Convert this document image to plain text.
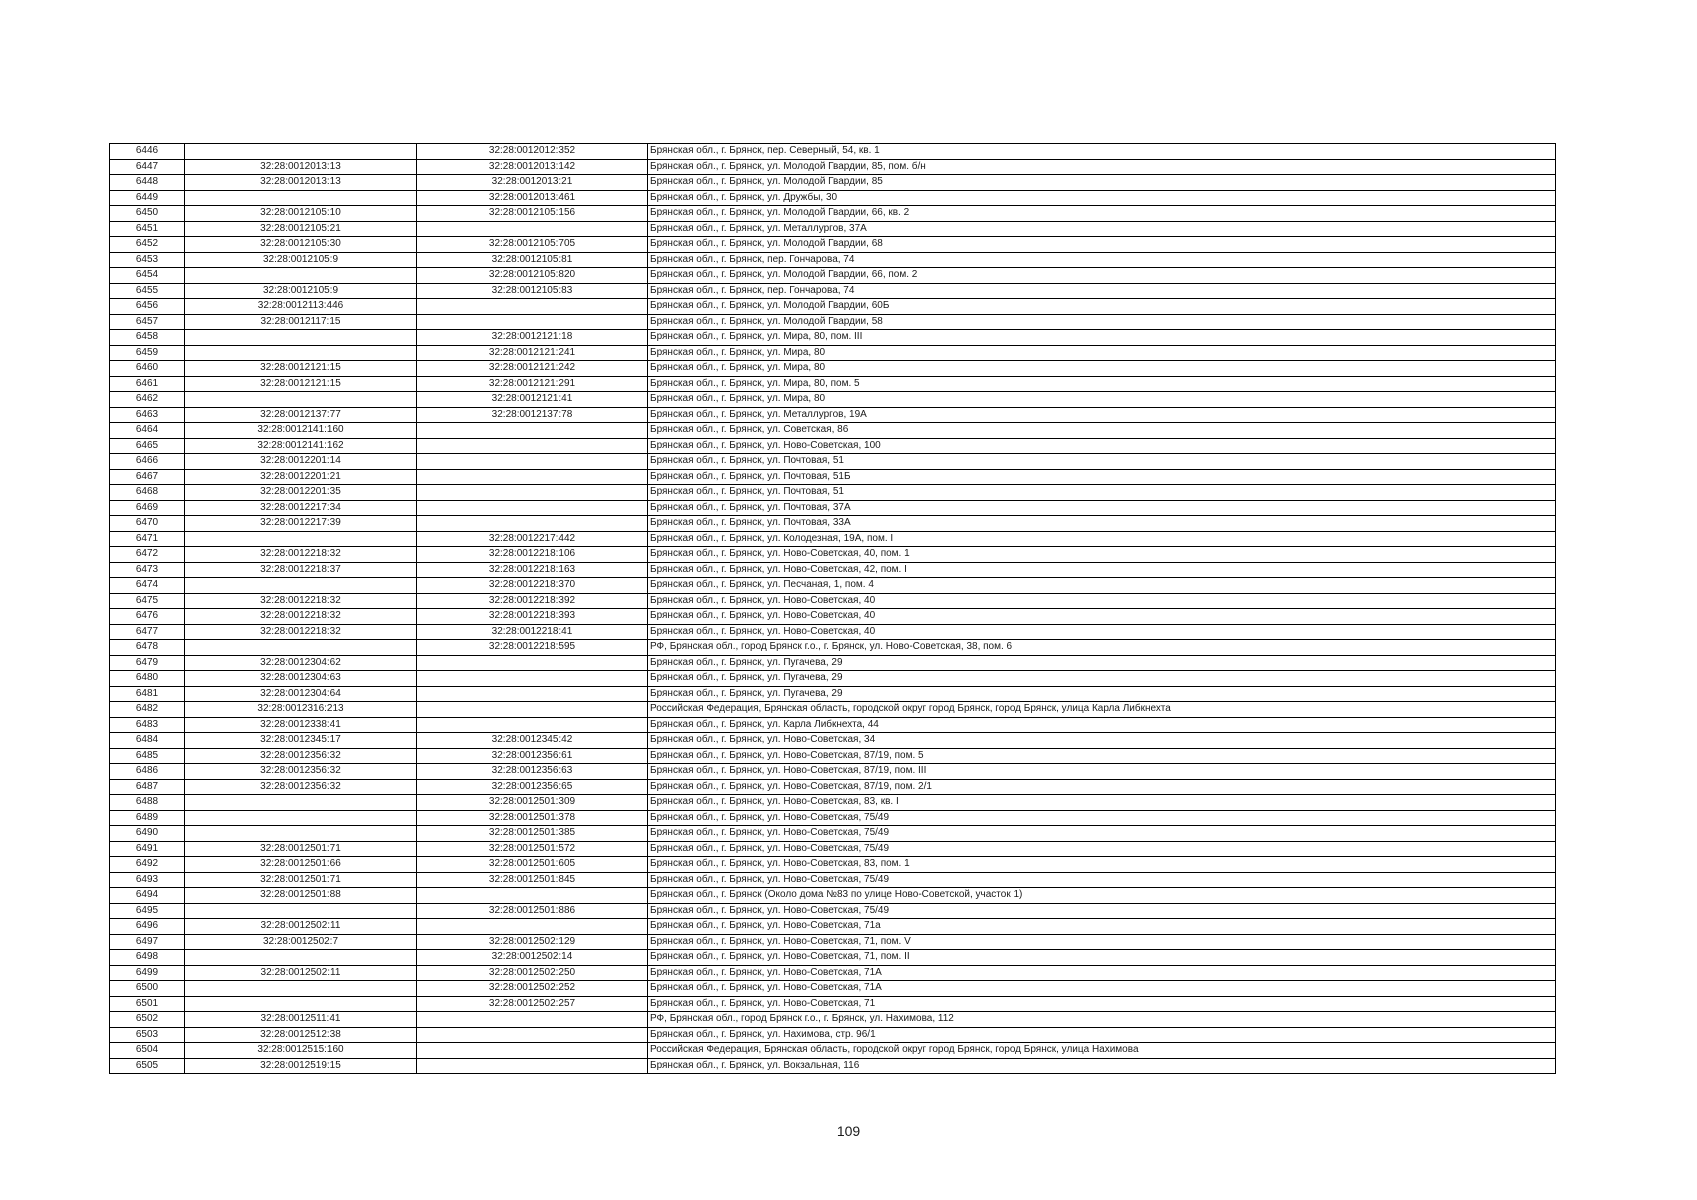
6446		32:28:0012012:352	Брянская обл., г. Брянск, пер. Северный, 54, кв. 1
6447	32:28:0012013:13	32:28:0012013:142	Брянская обл., г. Брянск, ул. Молодой Гвардии, 85, пом. б/н
6448	32:28:0012013:13	32:28:0012013:21	Брянская обл., г. Брянск, ул. Молодой Гвардии, 85
6449		32:28:0012013:461	Брянская обл., г. Брянск, ул. Дружбы, 30
6450	32:28:0012105:10	32:28:0012105:156	Брянская обл., г. Брянск, ул. Молодой Гвардии, 66, кв. 2
6451	32:28:0012105:21		Брянская обл., г. Брянск, ул. Металлургов, 37А
6452	32:28:0012105:30	32:28:0012105:705	Брянская обл., г. Брянск, ул. Молодой Гвардии, 68
6453	32:28:0012105:9	32:28:0012105:81	Брянская обл., г. Брянск, пер. Гончарова, 74
6454		32:28:0012105:820	Брянская обл., г. Брянск, ул. Молодой Гвардии, 66, пом. 2
6455	32:28:0012105:9	32:28:0012105:83	Брянская обл., г. Брянск, пер. Гончарова, 74
6456	32:28:0012113:446		Брянская обл., г. Брянск, ул. Молодой Гвардии, 60Б
6457	32:28:0012117:15		Брянская обл., г. Брянск, ул. Молодой Гвардии, 58
6458		32:28:0012121:18	Брянская обл., г. Брянск, ул. Мира, 80, пом. III
6459		32:28:0012121:241	Брянская обл., г. Брянск, ул. Мира, 80
6460	32:28:0012121:15	32:28:0012121:242	Брянская обл., г. Брянск, ул. Мира, 80
6461	32:28:0012121:15	32:28:0012121:291	Брянская обл., г. Брянск, ул. Мира, 80, пом. 5
6462		32:28:0012121:41	Брянская обл., г. Брянск, ул. Мира, 80
6463	32:28:0012137:77	32:28:0012137:78	Брянская обл., г. Брянск, ул. Металлургов, 19А
6464	32:28:0012141:160		Брянская обл., г. Брянск, ул. Советская, 86
6465	32:28:0012141:162		Брянская обл., г. Брянск, ул. Ново-Советская, 100
6466	32:28:0012201:14		Брянская обл., г. Брянск, ул. Почтовая, 51
6467	32:28:0012201:21		Брянская обл., г. Брянск, ул. Почтовая, 51Б
6468	32:28:0012201:35		Брянская обл., г. Брянск, ул. Почтовая, 51
6469	32:28:0012217:34		Брянская обл., г. Брянск, ул. Почтовая, 37А
6470	32:28:0012217:39		Брянская обл., г. Брянск, ул. Почтовая, 33А
6471		32:28:0012217:442	Брянская обл., г. Брянск, ул. Колодезная, 19А, пом. I
6472	32:28:0012218:32	32:28:0012218:106	Брянская обл., г. Брянск, ул. Ново-Советская, 40, пом. 1
6473	32:28:0012218:37	32:28:0012218:163	Брянская обл., г. Брянск, ул. Ново-Советская, 42, пом. I
6474		32:28:0012218:370	Брянская обл., г. Брянск, ул. Песчаная, 1, пом. 4
6475	32:28:0012218:32	32:28:0012218:392	Брянская обл., г. Брянск, ул. Ново-Советская, 40
6476	32:28:0012218:32	32:28:0012218:393	Брянская обл., г. Брянск, ул. Ново-Советская, 40
6477	32:28:0012218:32	32:28:0012218:41	Брянская обл., г. Брянск, ул. Ново-Советская, 40
6478		32:28:0012218:595	РФ, Брянская обл., город Брянск г.о., г. Брянск, ул. Ново-Советская, 38, пом. 6
6479	32:28:0012304:62		Брянская обл., г. Брянск, ул. Пугачева, 29
6480	32:28:0012304:63		Брянская обл., г. Брянск, ул. Пугачева, 29
6481	32:28:0012304:64		Брянская обл., г. Брянск, ул. Пугачева, 29
6482	32:28:0012316:213		Российская Федерация, Брянская область, городской округ город Брянск, город Брянск, улица Карла Либкнехта
6483	32:28:0012338:41		Брянская обл., г. Брянск, ул. Карла Либкнехта, 44
6484	32:28:0012345:17	32:28:0012345:42	Брянская обл., г. Брянск, ул. Ново-Советская, 34
6485	32:28:0012356:32	32:28:0012356:61	Брянская обл., г. Брянск, ул. Ново-Советская, 87/19, пом. 5
6486	32:28:0012356:32	32:28:0012356:63	Брянская обл., г. Брянск, ул. Ново-Советская, 87/19, пом. III
6487	32:28:0012356:32	32:28:0012356:65	Брянская обл., г. Брянск, ул. Ново-Советская, 87/19, пом. 2/1
6488		32:28:0012501:309	Брянская обл., г. Брянск, ул. Ново-Советская, 83, кв. I
6489		32:28:0012501:378	Брянская обл., г. Брянск, ул. Ново-Советская, 75/49
6490		32:28:0012501:385	Брянская обл., г. Брянск, ул. Ново-Советская, 75/49
6491	32:28:0012501:71	32:28:0012501:572	Брянская обл., г. Брянск, ул. Ново-Советская, 75/49
6492	32:28:0012501:66	32:28:0012501:605	Брянская обл., г. Брянск, ул. Ново-Советская, 83, пом. 1
6493	32:28:0012501:71	32:28:0012501:845	Брянская обл., г. Брянск, ул. Ново-Советская, 75/49
6494	32:28:0012501:88		Брянская обл., г. Брянск (Около дома №83 по улице Ново-Советской, участок 1)
6495		32:28:0012501:886	Брянская обл., г. Брянск, ул. Ново-Советская, 75/49
6496	32:28:0012502:11		Брянская обл., г. Брянск, ул. Ново-Советская, 71а
6497	32:28:0012502:7	32:28:0012502:129	Брянская обл., г. Брянск, ул. Ново-Советская, 71, пом. V
6498		32:28:0012502:14	Брянская обл., г. Брянск, ул. Ново-Советская, 71, пом. II
6499	32:28:0012502:11	32:28:0012502:250	Брянская обл., г. Брянск, ул. Ново-Советская, 71А
6500		32:28:0012502:252	Брянская обл., г. Брянск, ул. Ново-Советская, 71А
6501		32:28:0012502:257	Брянская обл., г. Брянск, ул. Ново-Советская, 71
6502	32:28:0012511:41		РФ, Брянская обл., город Брянск г.о., г. Брянск, ул. Нахимова, 112
6503	32:28:0012512:38		Брянская обл., г. Брянск, ул. Нахимова, стр. 96/1
6504	32:28:0012515:160		Российская Федерация, Брянская область, городской округ город Брянск, город Брянск, улица Нахимова
6505	32:28:0012519:15		Брянская обл., г. Брянск, ул. Вокзальная, 116
109
